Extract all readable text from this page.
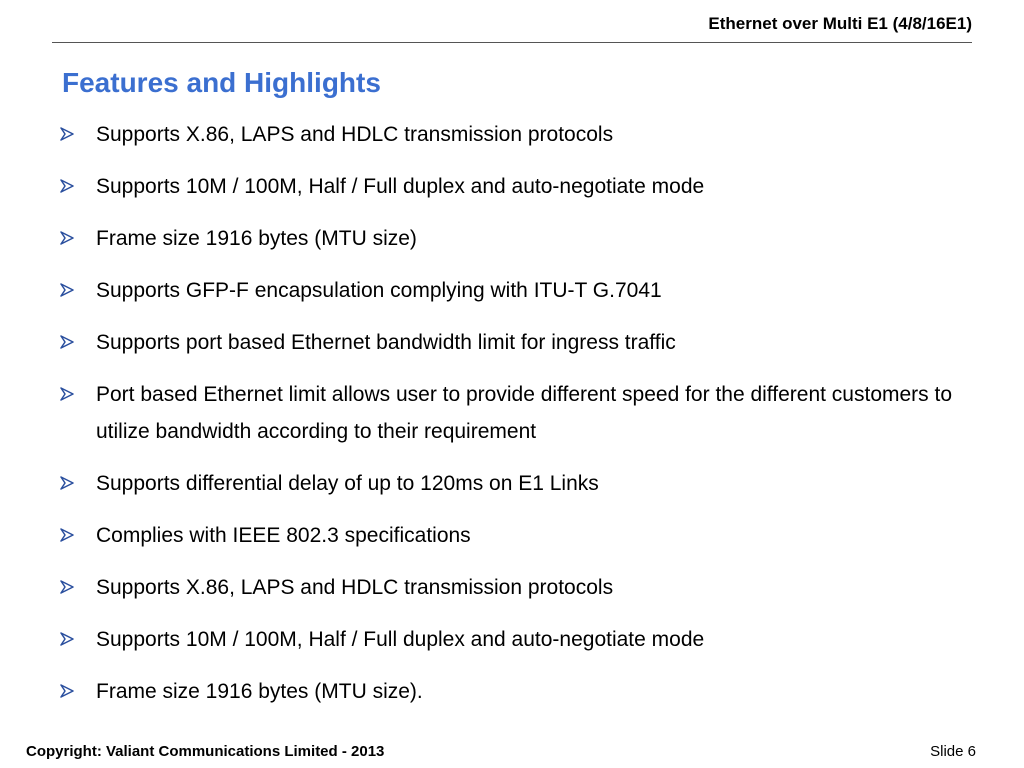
Ethernet over Multi E1 (4/8/16E1)
Features and Highlights
Supports X.86, LAPS and HDLC transmission protocols
Supports 10M / 100M, Half / Full duplex and auto-negotiate mode
Frame size 1916 bytes (MTU size)
Supports GFP-F encapsulation complying with ITU-T G.7041
Supports port based Ethernet bandwidth limit for ingress traffic
Port based Ethernet limit allows user to provide different speed for the different customers to utilize bandwidth according to their requirement
Supports differential delay of up to 120ms on E1 Links
Complies with IEEE 802.3 specifications
Supports X.86, LAPS and HDLC transmission protocols
Supports 10M / 100M, Half / Full duplex and auto-negotiate mode
Frame size 1916 bytes (MTU size).
Copyright: Valiant Communications Limited - 2013	Slide 6
